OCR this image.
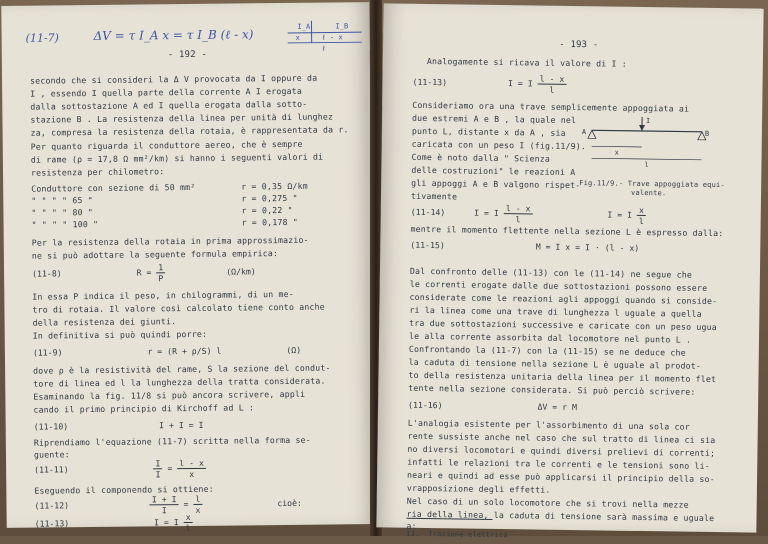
(11-7)	ΔV = τ I_A x = τ I_B (ℓ - x)
I_A	I_B
x	ℓ - x
ℓ
- 192 -
secondo che si consideri la Δ V provocata da I oppure da
I , essendo I quella parte della corrente A I erogata
dalla sottostazione A ed I quella erogata dalla sotto-
stazione B . La resistenza della linea per unità di lunghez
za, compresa la resistenza della rotaia, è rappresentata da r.
Per quanto riguarda il conduttore aereo, che è sempre
di rame (ρ = 17,8 Ω mm²/km) si hanno i seguenti valori di
resistenza per chilometro:
Conduttore con sezione di 50 mm²	r = 0,35 Ω/km
" " " " 65 "	r = 0,275 "
" " " " 80 "	r = 0,22 "
" " " " 100 "	r = 0,178 "
Per la resistenza della rotaia in prima approssimazio-
ne si può adottare la seguente formula empirica:
(11-8)	$R = \frac{1}{P}$	(Ω/km)
In essa P indica il peso, in chilogrammi, di un me-
tro di rotaia. Il valore così calcolato tiene conto anche
della resistenza dei giunti.
In definitiva si può quindi porre:
(11-9)	r = (R + ρ/S) l	(Ω)
dove ρ è la resistività del rame, S la sezione del condut-
tore di linea ed l la lunghezza della tratta considerata.
Esaminando la fig. 11/8 si può ancora scrivere, appli
cando il primo principio di Kirchoff ad L :
(11-10)	I + I = I
Riprendiamo l'equazione (11-7) scritta nella forma se-
guente:
(11-11)	$\frac{I}{I} = \frac{l - x}{x}$
Eseguendo il componendo si ottiene:
(11-12)	$\frac{I + I}{I} = \frac{l}{x}$	cioè:
(11-13)	I = I $\frac{x}{l}$
- 193 -
Analogamente si ricava il valore di I :
(11-13)	I = I $\frac{l - x}{l}$
Consideriamo ora una trave semplicemente appoggiata ai
due estremi A e B , la quale nel
punto L, distante x da A , sia
caricata con un peso I (fig.11/9).
Come è noto dalla " Scienza
delle costruzioni" le reazioni A
gli appoggi A e B valgono rispet-
tivamente
A	B
x
l
I
Fig.11/9.- Trave appoggiata equi-
valente.
(11-14)	I = I $\frac{l - x}{l}$	I = I $\frac{x}{l}$
mentre il momento flettente nella sezione L è espresso dalla:
(11-15)	M = I x = I · (l - x)
Dal confronto delle (11-13) con le (11-14) ne segue che
le correnti erogate dalle due sottostazioni possono essere
considerate come le reazioni agli appoggi quando si conside-
ri la linea come una trave di lunghezza l uguale a quella
tra due sottostazioni successive e caricate con un peso ugua
le alla corrente assorbita dal locomotore nel punto L .
Confrontando la (11-7) con la (11-15) se ne deduce che
la caduta di tensione nella sezione L è uguale al prodot-
to della resistenza unitaria della linea per il momento flet
tente nella sezione considerata. Si può perciò scrivere:
(11-16)	ΔV = r M
L'analogia esistente per l'assorbimento di una sola cor
rente sussiste anche nel caso che sul tratto di linea ci sia
no diversi locomotori e quindi diversi prelievi di correnti;
infatti le relazioni tra le correnti e le tensioni sono li-
neari e quindi ad esse può applicarsi il principio della so-
vrapposizione degli effetti.
Nel caso di un solo locomotore che si trovi nella mezze
ria della linea, la caduta di tensione sarà massima e uguale
a:
13.- Trazione elettrica
